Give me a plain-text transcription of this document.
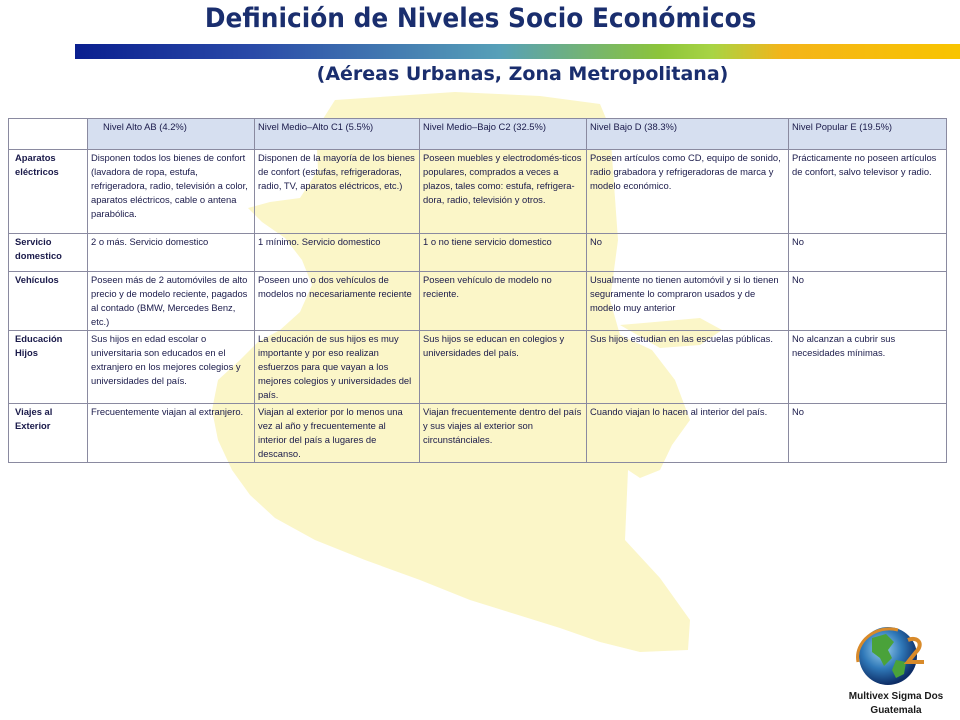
Definición de Niveles Socio Económicos
(Aéreas Urbanas, Zona Metropolitana)
	Nivel Alto AB (4.2%)	Nivel Medio–Alto C1 (5.5%)	Nivel Medio–Bajo C2 (32.5%)	Nivel Bajo D (38.3%)	Nivel Popular E (19.5%)
Aparatos eléctricos	Disponen todos los bienes de confort (lavadora de ropa, estufa, refrigeradora, radio, televisión a color, aparatos eléctricos, cable o antena parabólica.	Disponen de la mayoría de los bienes de confort (estufas, refrigeradoras, radio, TV, aparatos eléctricos, etc.)	Poseen muebles y electrodomés-ticos populares, comprados a veces a plazos, tales como: estufa, refrigera-dora, radio, televisión y otros.	Poseen artículos como CD, equipo de sonido, radio grabadora y refrigeradoras de marca y modelo económico.	Prácticamente no poseen artículos de confort, salvo televisor y radio.
Servicio domestico	2 o más. Servicio domestico	1 mínimo. Servicio domestico	1 o no tiene servicio domestico	No	No
Vehículos	Poseen más de 2 automóviles de alto precio y de modelo reciente, pagados al contado (BMW, Mercedes Benz, etc.)	Poseen uno o dos vehículos de modelos no necesariamente reciente	Poseen vehículo de modelo no reciente.	Usualmente no tienen automóvil y si lo tienen seguramente lo compraron usados y de modelo muy anterior	No
Educación Hijos	Sus hijos en edad escolar o universitaria son educados en el extranjero en los mejores colegios y universidades del país.	La educación de sus hijos es muy importante y por eso realizan esfuerzos para que vayan a los mejores colegios y universidades del país.	Sus hijos se educan en colegios y universidades del país.	Sus hijos estudian en las escuelas públicas.	No alcanzan a cubrir sus necesidades mínimas.
Viajes al Exterior	Frecuentemente viajan al extranjero.	Viajan al exterior por lo menos una vez al año y frecuentemente al interior del país a lugares de descanso.	Viajan frecuentemente dentro del país y sus viajes al exterior son circunstánciales.	Cuando viajan lo hacen al interior del país.	No
Multivex Sigma Dos
Guatemala
